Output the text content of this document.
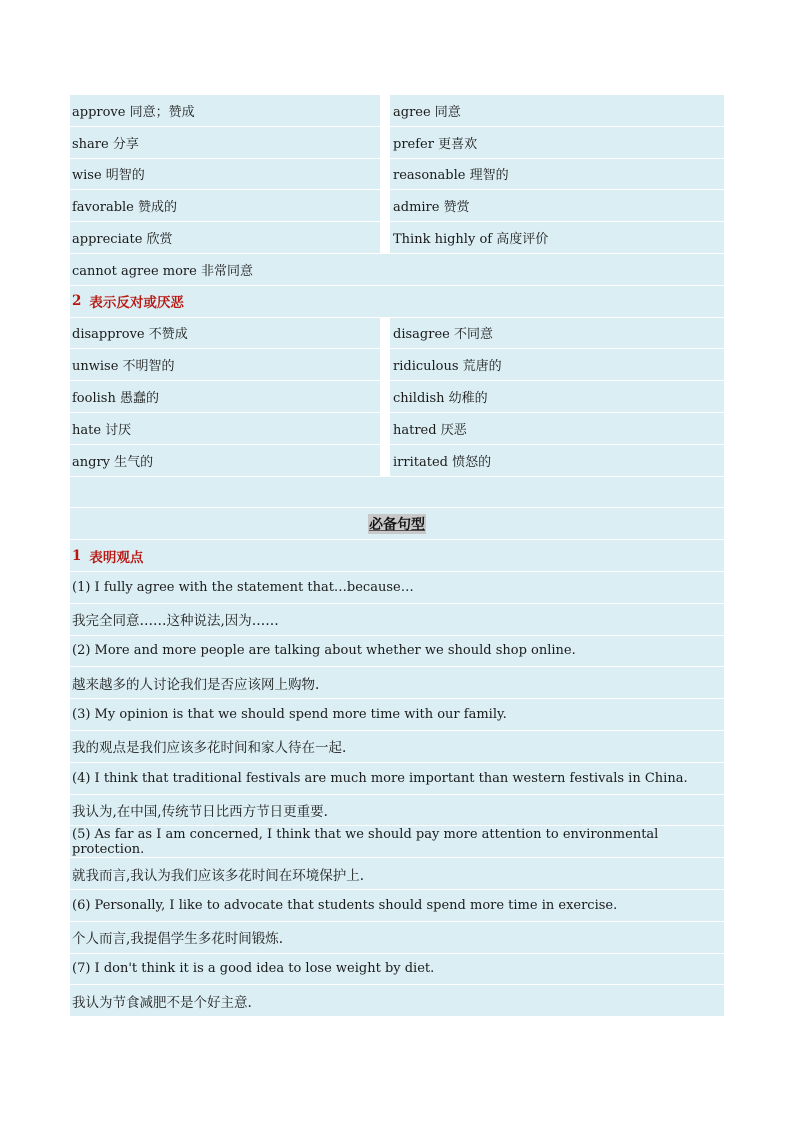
approve 同意；赞成	agree 同意
share 分享	prefer 更喜欢
wise 明智的	reasonable 理智的
favorable 赞成的	admire 赞赏
appreciate 欣赏	Think highly of 高度评价
cannot agree more 非常同意
2 表示反对或厌恶
disapprove 不赞成	disagree 不同意
unwise 不明智的	ridiculous 荒唐的
foolish 愚蠢的	childish 幼稚的
hate 讨厌	hatred 厌恶
angry 生气的	irritated 愤怒的
必备句型
1 表明观点
(1) I fully agree with the statement that…because…
我完全同意……这种说法,因为……
(2) More and more people are talking about whether we should shop online.
越来越多的人讨论我们是否应该网上购物.
(3) My opinion is that we should spend more time with our family.
我的观点是我们应该多花时间和家人待在一起.
(4) I think that traditional festivals are much more important than western festivals in China.
我认为,在中国,传统节日比西方节日更重要.
(5) As far as I am concerned, I think that we should pay more attention to environmental protection.
就我而言,我认为我们应该多花时间在环境保护上.
(6) Personally, I like to advocate that students should spend more time in exercise.
个人而言,我提倡学生多花时间锻炼.
(7) I don't think it is a good idea to lose weight by diet.
我认为节食减肥不是个好主意.
